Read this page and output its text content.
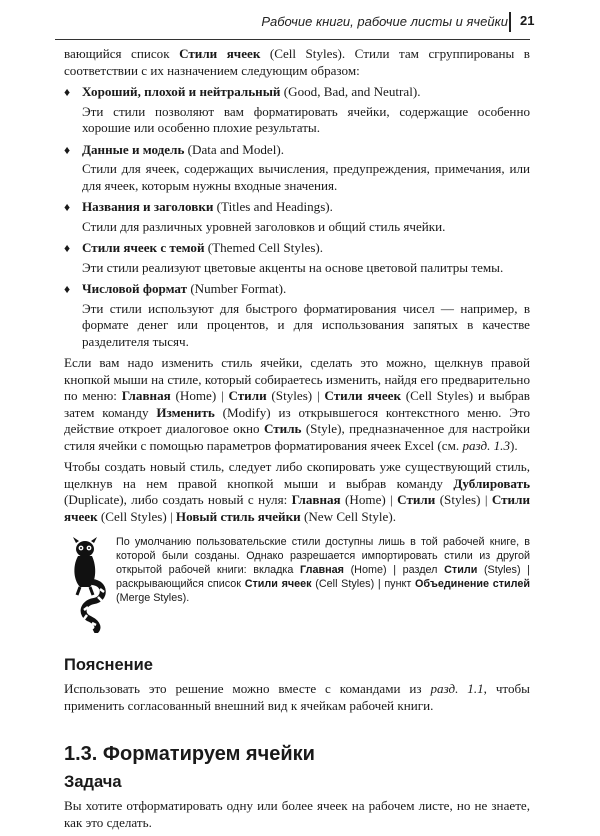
Рабочие книги, рабочие листы и ячейки 21

вающийся список Стили ячеек (Cell Styles). Стили там сгруппированы в соответствии с их назначением следующим образом:

♦ Хороший, плохой и нейтральный (Good, Bad, and Neutral).

Эти стили позволяют вам форматировать ячейки, содержащие особенно хорошие или особенно плохие результаты.

♦ Данные и модель (Data and Model).

Стили для ячеек, содержащих вычисления, предупреждения, примечания, или для ячеек, которым нужны входные значения.

♦ Названия и заголовки (Titles and Headings).

Стили для различных уровней заголовков и общий стиль ячейки.

♦ Стили ячеек с темой (Themed Cell Styles).

Эти стили реализуют цветовые акценты на основе цветовой палитры темы.

♦ Числовой формат (Number Format).

Эти стили используют для быстрого форматирования чисел — например, в формате денег или процентов, и для использования запятых в качестве разделителя тысяч.

Если вам надо изменить стиль ячейки, сделать это можно, щелкнув правой кнопкой мыши на стиле, который собираетесь изменить, найдя его предварительно по меню: Главная (Home) | Стили (Styles) | Стили ячеек (Cell Styles) и выбрав затем команду Изменить (Modify) из открывшегося контекстного меню. Это действие откроет диалоговое окно Стиль (Style), предназначенное для настройки стиля ячейки с помощью параметров форматирования ячеек Excel (см. разд. 1.3).

Чтобы создать новый стиль, следует либо скопировать уже существующий стиль, щелкнув на нем правой кнопкой мыши и выбрав команду Дублировать (Duplicate), либо создать новый с нуля: Главная (Home) | Стили (Styles) | Стили ячеек (Cell Styles) | Новый стиль ячейки (New Cell Style).

По умолчанию пользовательские стили доступны лишь в той рабочей книге, в которой были созданы. Однако разрешается импортировать стили из другой открытой рабочей книги: вкладка Главная (Home) | раздел Стили (Styles) | раскрывающийся список Стили ячеек (Cell Styles) | пункт Объединение стилей (Merge Styles).
Пояснение

Использовать это решение можно вместе с командами из разд. 1.1, чтобы применить согласованный внешний вид к ячейкам рабочей книги.

1.3. Форматируем ячейки
Задача

Вы хотите отформатировать одну или более ячеек на рабочем листе, но не знаете, как это сделать.
